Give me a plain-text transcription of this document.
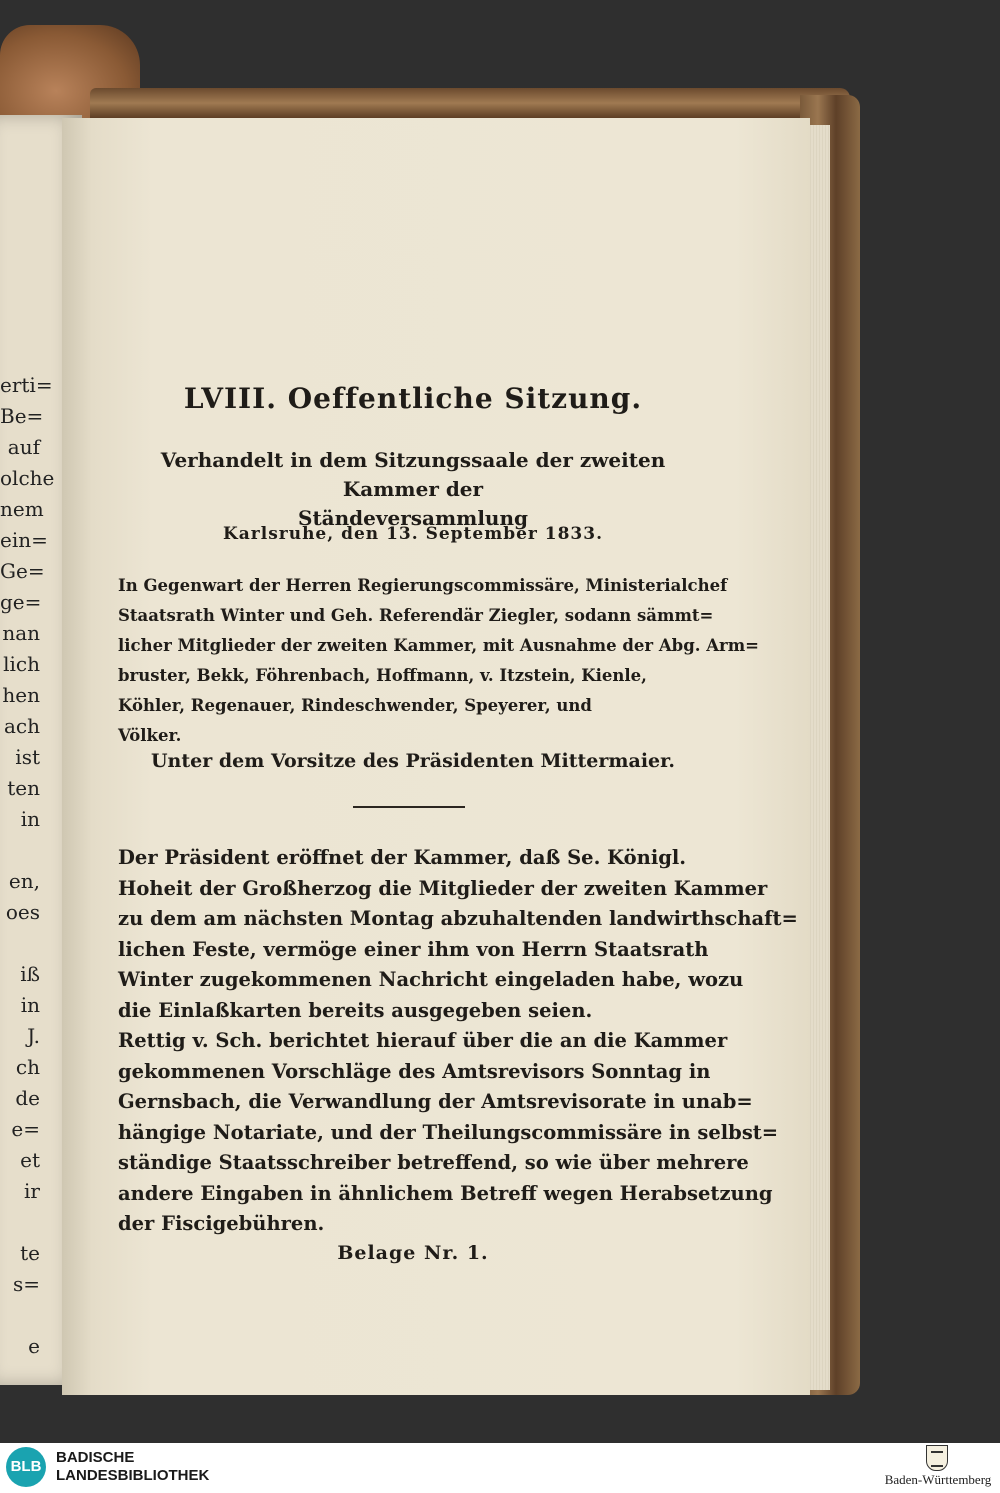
erti=
Be=
auf
olche
nem
ein=
Ge=
ge=
nan
lich
hen
ach
ist
ten
in
en,
oes
iß
in
J.
ch
de
e=
et
ir
te
s=
e
LVIII. Oeffentliche Sitzung.
Verhandelt in dem Sitzungssaale der zweiten Kammer der
Ständeversammlung
Karlsruhe, den 13. September 1833.
In Gegenwart der Herren Regierungscommissäre, Ministerialchef
Staatsrath Winter und Geh. Referendär Ziegler, sodann sämmt=
licher Mitglieder der zweiten Kammer, mit Ausnahme der Abg. Arm=
bruster, Bekk, Föhrenbach, Hoffmann, v. Itzstein, Kienle,
Köhler, Regenauer, Rindeschwender, Speyerer, und
Völker.
Unter dem Vorsitze des Präsidenten Mittermaier.
Der Präsident eröffnet der Kammer, daß Se. Königl.
Hoheit der Großherzog die Mitglieder der zweiten Kammer
zu dem am nächsten Montag abzuhaltenden landwirthschaft=
lichen Feste, vermöge einer ihm von Herrn Staatsrath
Winter zugekommenen Nachricht eingeladen habe, wozu
die Einlaßkarten bereits ausgegeben seien.
Rettig v. Sch. berichtet hierauf über die an die Kammer
gekommenen Vorschläge des Amtsrevisors Sonntag in
Gernsbach, die Verwandlung der Amtsrevisorate in unab=
hängige Notariate, und der Theilungscommissäre in selbst=
ständige Staatsschreiber betreffend, so wie über mehrere
andere Eingaben in ähnlichem Betreff wegen Herabsetzung
der Fiscigebühren.
Belage Nr. 1.
BLB
BADISCHE
LANDESBIBLIOTHEK	Baden-Württemberg
